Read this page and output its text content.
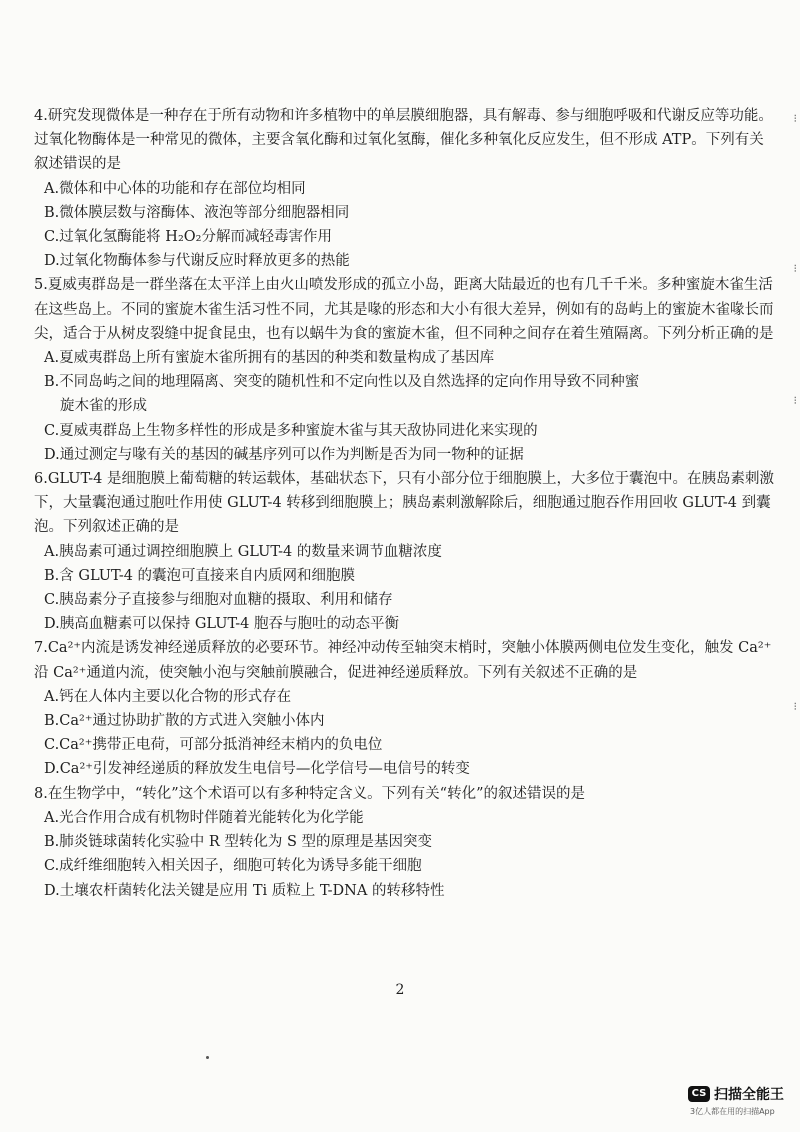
4.研究发现微体是一种存在于所有动物和许多植物中的单层膜细胞器，具有解毒、参与细胞呼吸和代谢反应等功能。过氧化物酶体是一种常见的微体，主要含氧化酶和过氧化氢酶，催化多种氧化反应发生，但不形成 ATP。下列有关叙述错误的是

A.微体和中心体的功能和存在部位均相同

B.微体膜层数与溶酶体、液泡等部分细胞器相同

C.过氧化氢酶能将 H₂O₂分解而减轻毒害作用

D.过氧化物酶体参与代谢反应时释放更多的热能

5.夏威夷群岛是一群坐落在太平洋上由火山喷发形成的孤立小岛，距离大陆最近的也有几千千米。多种蜜旋木雀生活在这些岛上。不同的蜜旋木雀生活习性不同，尤其是喙的形态和大小有很大差异，例如有的岛屿上的蜜旋木雀喙长而尖，适合于从树皮裂缝中捉食昆虫，也有以蜗牛为食的蜜旋木雀，但不同种之间存在着生殖隔离。下列分析正确的是

A.夏威夷群岛上所有蜜旋木雀所拥有的基因的种类和数量构成了基因库

B.不同岛屿之间的地理隔离、突变的随机性和不定向性以及自然选择的定向作用导致不同种蜜

旋木雀的形成

C.夏威夷群岛上生物多样性的形成是多种蜜旋木雀与其天敌协同进化来实现的

D.通过测定与喙有关的基因的碱基序列可以作为判断是否为同一物种的证据

6.GLUT-4 是细胞膜上葡萄糖的转运载体，基础状态下，只有小部分位于细胞膜上，大多位于囊泡中。在胰岛素刺激下，大量囊泡通过胞吐作用使 GLUT-4 转移到细胞膜上；胰岛素刺激解除后，细胞通过胞吞作用回收 GLUT-4 到囊泡。下列叙述正确的是

A.胰岛素可通过调控细胞膜上 GLUT-4 的数量来调节血糖浓度

B.含 GLUT-4 的囊泡可直接来自内质网和细胞膜

C.胰岛素分子直接参与细胞对血糖的摄取、利用和储存

D.胰高血糖素可以保持 GLUT-4 胞吞与胞吐的动态平衡

7.Ca²⁺内流是诱发神经递质释放的必要环节。神经冲动传至轴突末梢时，突触小体膜两侧电位发生变化，触发 Ca²⁺沿 Ca²⁺通道内流，使突触小泡与突触前膜融合，促进神经递质释放。下列有关叙述不正确的是

A.钙在人体内主要以化合物的形式存在

B.Ca²⁺通过协助扩散的方式进入突触小体内

C.Ca²⁺携带正电荷，可部分抵消神经末梢内的负电位

D.Ca²⁺引发神经递质的释放发生电信号—化学信号—电信号的转变

8.在生物学中，“转化”这个术语可以有多种特定含义。下列有关“转化”的叙述错误的是

A.光合作用合成有机物时伴随着光能转化为化学能

B.肺炎链球菌转化实验中 R 型转化为 S 型的原理是基因突变

C.成纤维细胞转入相关因子，细胞可转化为诱导多能干细胞

D.土壤农杆菌转化法关键是应用 Ti 质粒上 T-DNA 的转移特性

2
⁝
⁝
⁝
⁝
CS 扫描全能王
3亿人都在用的扫描App
